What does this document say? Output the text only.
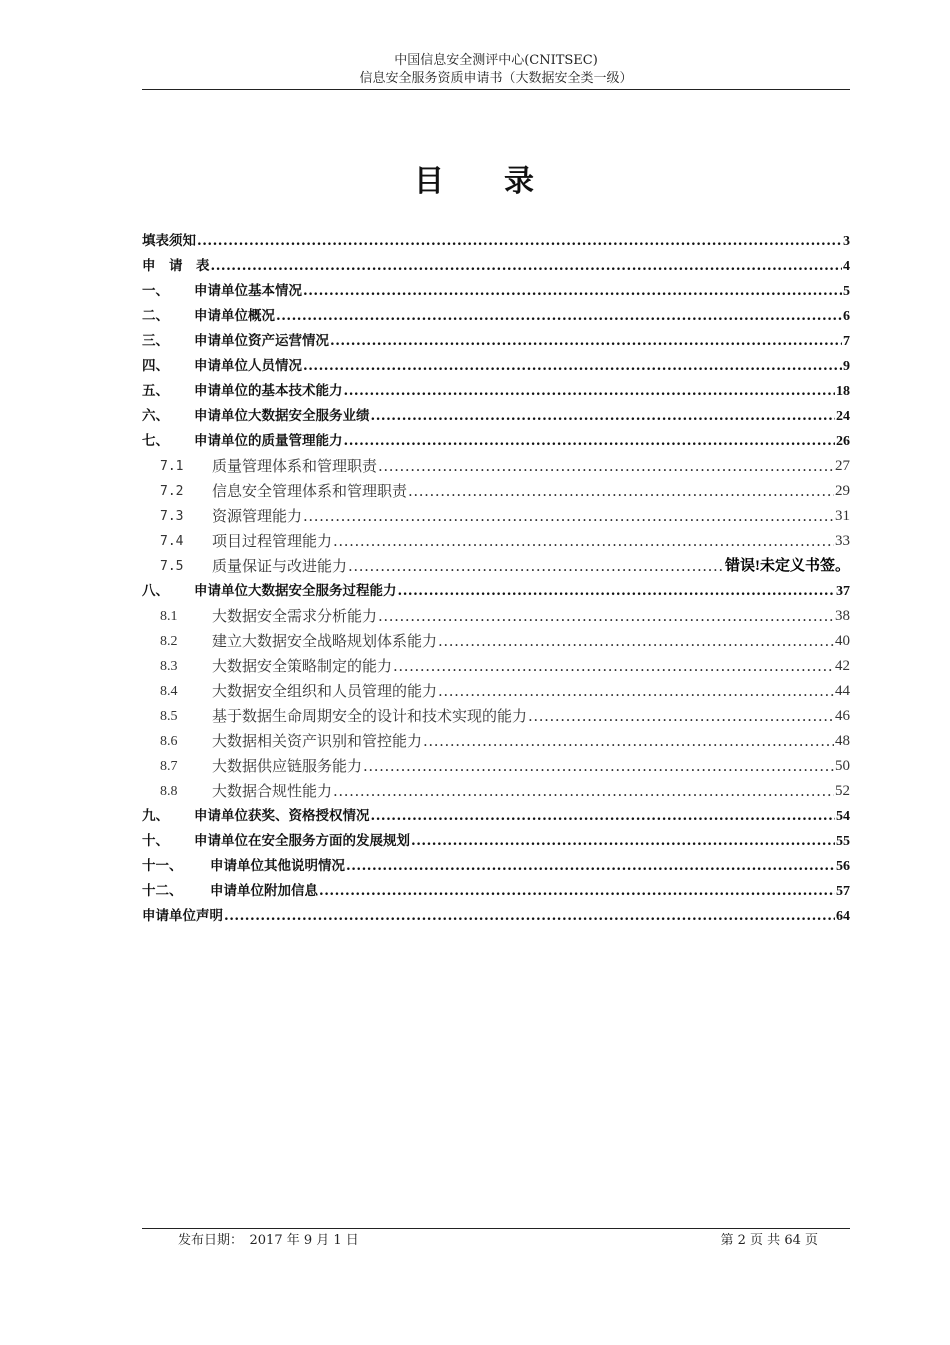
中国信息安全测评中心(CNITSEC)
信息安全服务资质申请书（大数据安全类一级）
目 录
填表须知 .....	3
申　请　表 .....	4
一、	申请单位基本情况 .....	5
二、	申请单位概况 .....	6
三、	申请单位资产运营情况 .....	7
四、	申请单位人员情况 .....	9
五、	申请单位的基本技术能力 .....	18
六、	申请单位大数据安全服务业绩 .....	24
七、	申请单位的质量管理能力 .....	26
7.1	质量管理体系和管理职责 .....	27
7.2	信息安全管理体系和管理职责 .....	29
7.3	资源管理能力 .....	31
7.4	项目过程管理能力 .....	33
7.5	质量保证与改进能力 .....	错误!未定义书签。
八、	申请单位大数据安全服务过程能力 .....	37
8.1	大数据安全需求分析能力 .....	38
8.2	建立大数据安全战略规划体系能力 .....	40
8.3	大数据安全策略制定的能力 .....	42
8.4	大数据安全组织和人员管理的能力 .....	44
8.5	基于数据生命周期安全的设计和技术实现的能力 .....	46
8.6	大数据相关资产识别和管控能力 .....	48
8.7	大数据供应链服务能力 .....	50
8.8	大数据合规性能力 .....	52
九、	申请单位获奖、资格授权情况 .....	54
十、	申请单位在安全服务方面的发展规划 .....	55
十一、	申请单位其他说明情况 .....	56
十二、	申请单位附加信息 .....	57
申请单位声明 .....	64
发布日期：　2017 年 9 月 1 日	第 2 页 共 64 页
